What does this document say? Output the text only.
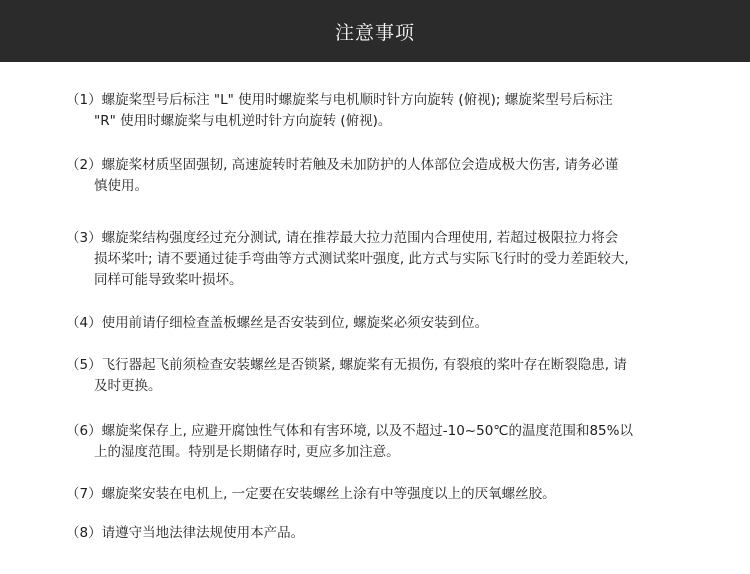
注意事项
（1）螺旋桨型号后标注 "L" 使用时螺旋桨与电机顺时针方向旋转 (俯视); 螺旋桨型号后标注
"R" 使用时螺旋桨与电机逆时针方向旋转 (俯视)。
（2）螺旋桨材质坚固强韧, 高速旋转时若触及未加防护的人体部位会造成极大伤害, 请务必谨
慎使用。
（3）螺旋桨结构强度经过充分测试, 请在推荐最大拉力范围内合理使用, 若超过极限拉力将会
损坏桨叶; 请不要通过徒手弯曲等方式测试桨叶强度, 此方式与实际飞行时的受力差距较大,
同样可能导致桨叶损坏。
（4）使用前请仔细检查盖板螺丝是否安装到位, 螺旋桨必须安装到位。
（5）飞行器起飞前须检查安装螺丝是否锁紧, 螺旋桨有无损伤, 有裂痕的桨叶存在断裂隐患, 请
及时更换。
（6）螺旋桨保存上, 应避开腐蚀性气体和有害环境, 以及不超过-10~50℃的温度范围和85%以
上的湿度范围。特别是长期储存时, 更应多加注意。
（7）螺旋桨安装在电机上, 一定要在安装螺丝上涂有中等强度以上的厌氧螺丝胶。
（8）请遵守当地法律法规使用本产品。
